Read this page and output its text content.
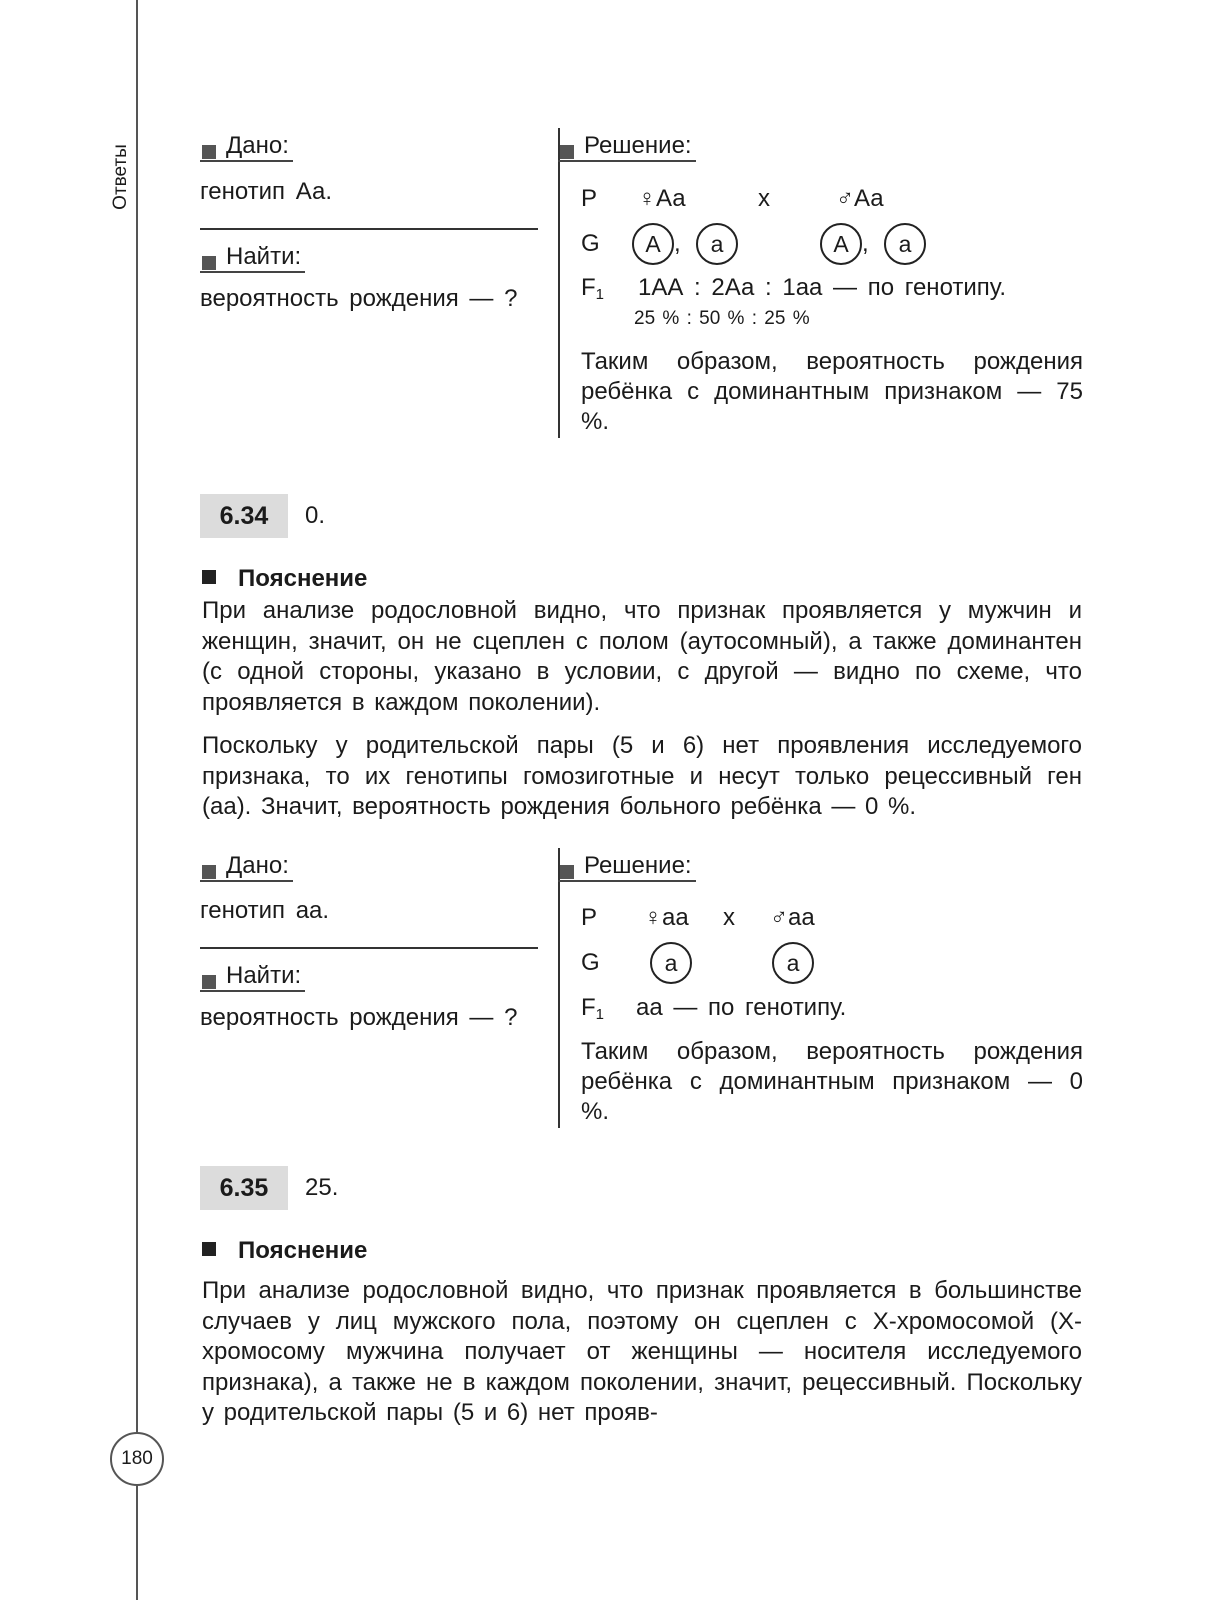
Ответы
180
Дано:
генотип Аа.
Найти:
вероятность рождения — ?
Решение:
P ♀Аа	x	♂Аа
G	A ,	a	A ,	a
$F_1$ 1АА : 2Аа : 1аа — по генотипу.
25 % : 50 % : 25 %
Таким образом, вероятность рождения ребёнка с доминантным признаком — 75 %.
6.34	0.
Пояснение
При анализе родословной видно, что признак проявляется у мужчин и женщин, значит, он не сцеплен с полом (аутосомный), а также доминантен (с одной стороны, указано в условии, с другой — видно по схеме, что проявляется в каждом поколении).
Поскольку у родительской пары (5 и 6) нет проявления исследуемого признака, то их генотипы гомозиготные и несут только рецессивный ген (аа). Значит, вероятность рождения больного ребёнка — 0 %.
Дано:
генотип аа.
Найти:
вероятность рождения — ?
Решение:
P ♀аа x ♂аа
G	a	a
$F_1$ аа — по генотипу.
Таким образом, вероятность рождения ребёнка с доминантным признаком — 0 %.
6.35	25.
Пояснение
При анализе родословной видно, что признак проявляется в большинстве случаев у лиц мужского пола, поэтому он сцеплен с Х-хромосомой (Х-хромосому мужчина получает от женщины — носителя исследуемого признака), а также не в каждом поколении, значит, рецессивный. Поскольку у родительской пары (5 и 6) нет прояв-
